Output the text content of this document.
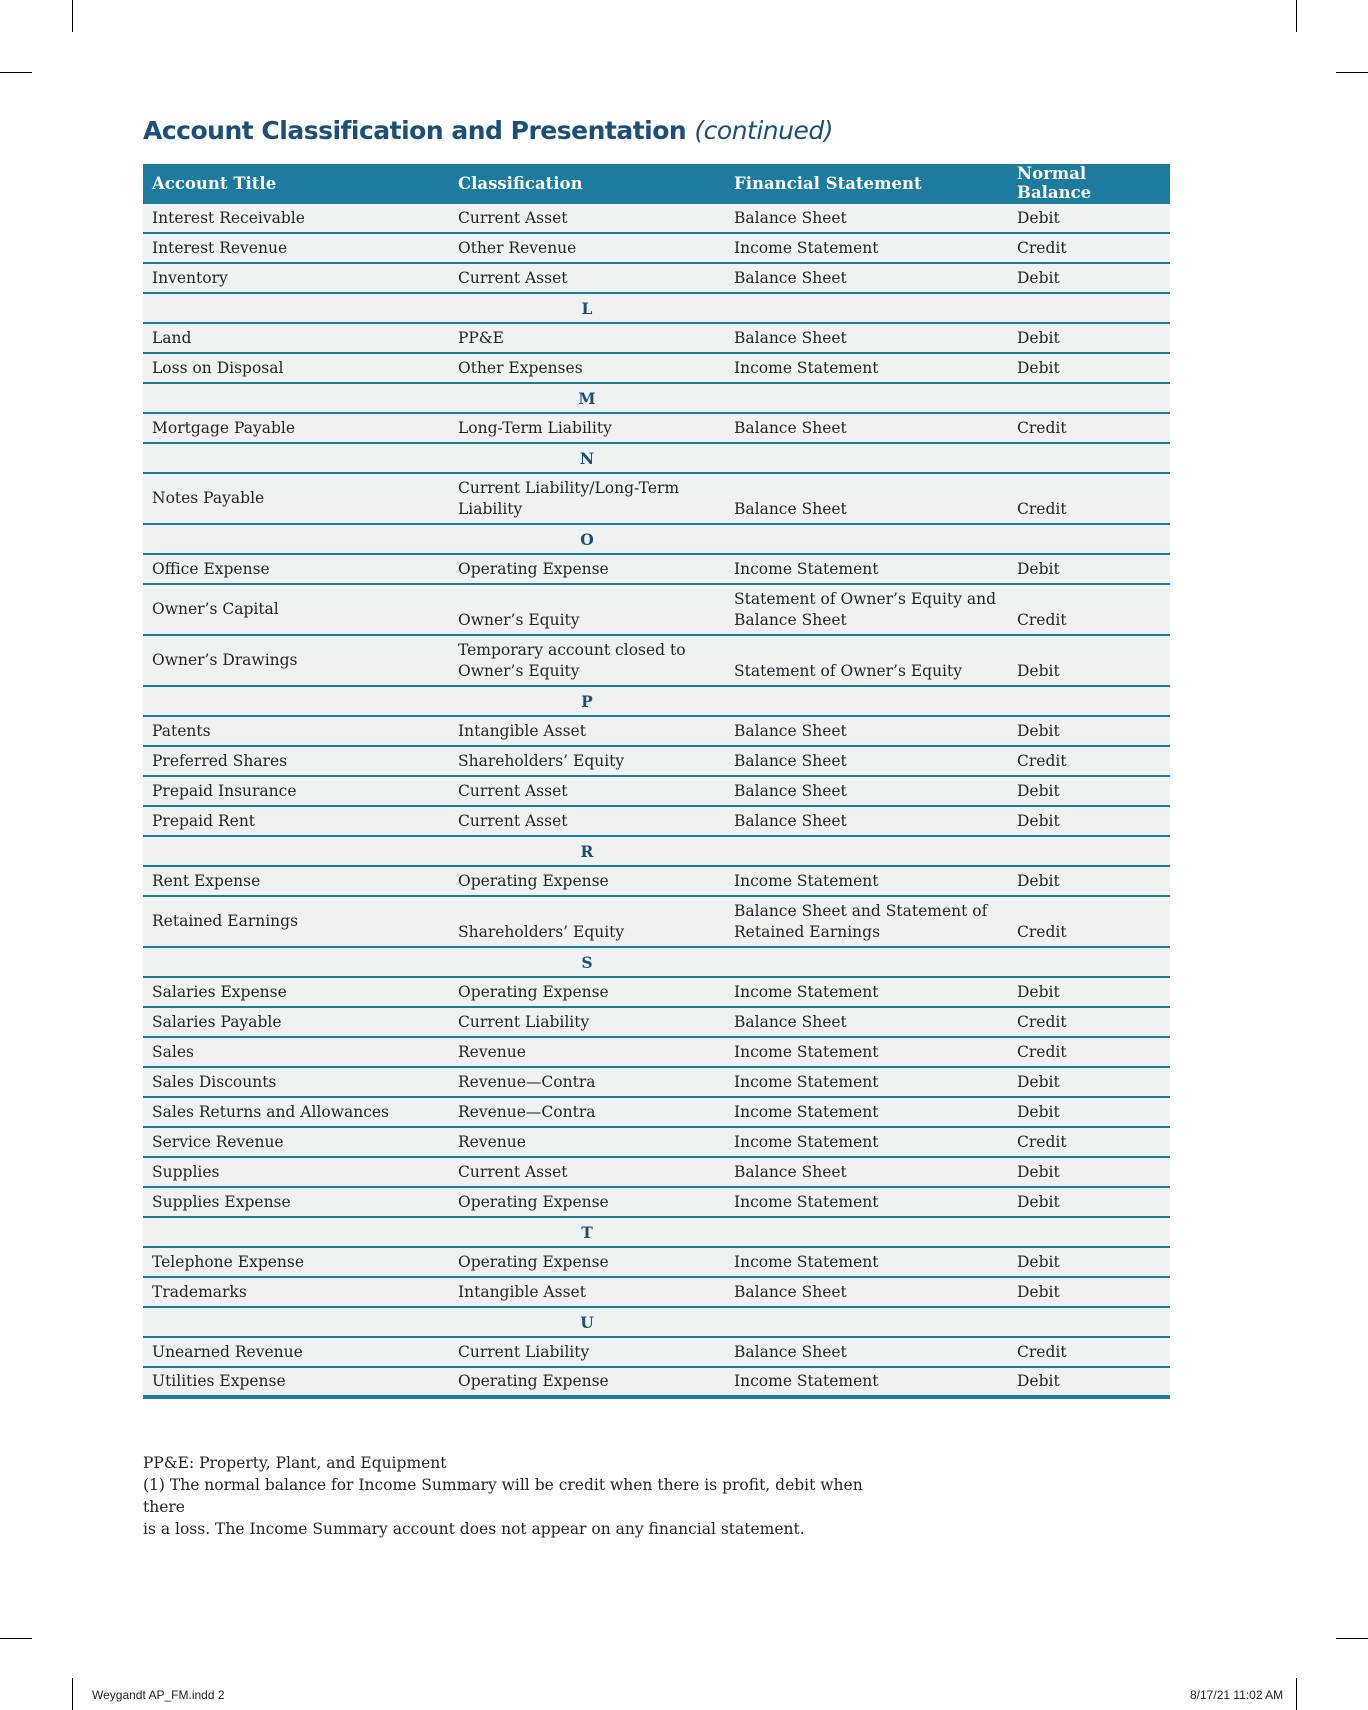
Account Classification and Presentation (continued)
Account Title	Classification	Financial Statement	Normal Balance
Interest Receivable	Current Asset	Balance Sheet	Debit
Interest Revenue	Other Revenue	Income Statement	Credit
Inventory	Current Asset	Balance Sheet	Debit
	L		
Land	PP&E	Balance Sheet	Debit
Loss on Disposal	Other Expenses	Income Statement	Debit
	M		
Mortgage Payable	Long-Term Liability	Balance Sheet	Credit
	N		
Notes Payable	Current Liability/Long-Term Liability	Balance Sheet	Credit
	O		
Office Expense	Operating Expense	Income Statement	Debit
Owner’s Capital	Owner’s Equity	Statement of Owner’s Equity and Balance Sheet	Credit
Owner’s Drawings	Temporary account closed to Owner’s Equity	Statement of Owner’s Equity	Debit
	P		
Patents	Intangible Asset	Balance Sheet	Debit
Preferred Shares	Shareholders’ Equity	Balance Sheet	Credit
Prepaid Insurance	Current Asset	Balance Sheet	Debit
Prepaid Rent	Current Asset	Balance Sheet	Debit
	R		
Rent Expense	Operating Expense	Income Statement	Debit
Retained Earnings	Shareholders’ Equity	Balance Sheet and Statement of Retained Earnings	Credit
	S		
Salaries Expense	Operating Expense	Income Statement	Debit
Salaries Payable	Current Liability	Balance Sheet	Credit
Sales	Revenue	Income Statement	Credit
Sales Discounts	Revenue—Contra	Income Statement	Debit
Sales Returns and Allowances	Revenue—Contra	Income Statement	Debit
Service Revenue	Revenue	Income Statement	Credit
Supplies	Current Asset	Balance Sheet	Debit
Supplies Expense	Operating Expense	Income Statement	Debit
	T		
Telephone Expense	Operating Expense	Income Statement	Debit
Trademarks	Intangible Asset	Balance Sheet	Debit
	U		
Unearned Revenue	Current Liability	Balance Sheet	Credit
Utilities Expense	Operating Expense	Income Statement	Debit

PP&E: Property, Plant, and Equipment

(1) The normal balance for Income Summary will be credit when there is profit, debit when there

is a loss. The Income Summary account does not appear on any financial statement.

Weygandt AP_FM.indd 2	8/17/21 11:02 AM
